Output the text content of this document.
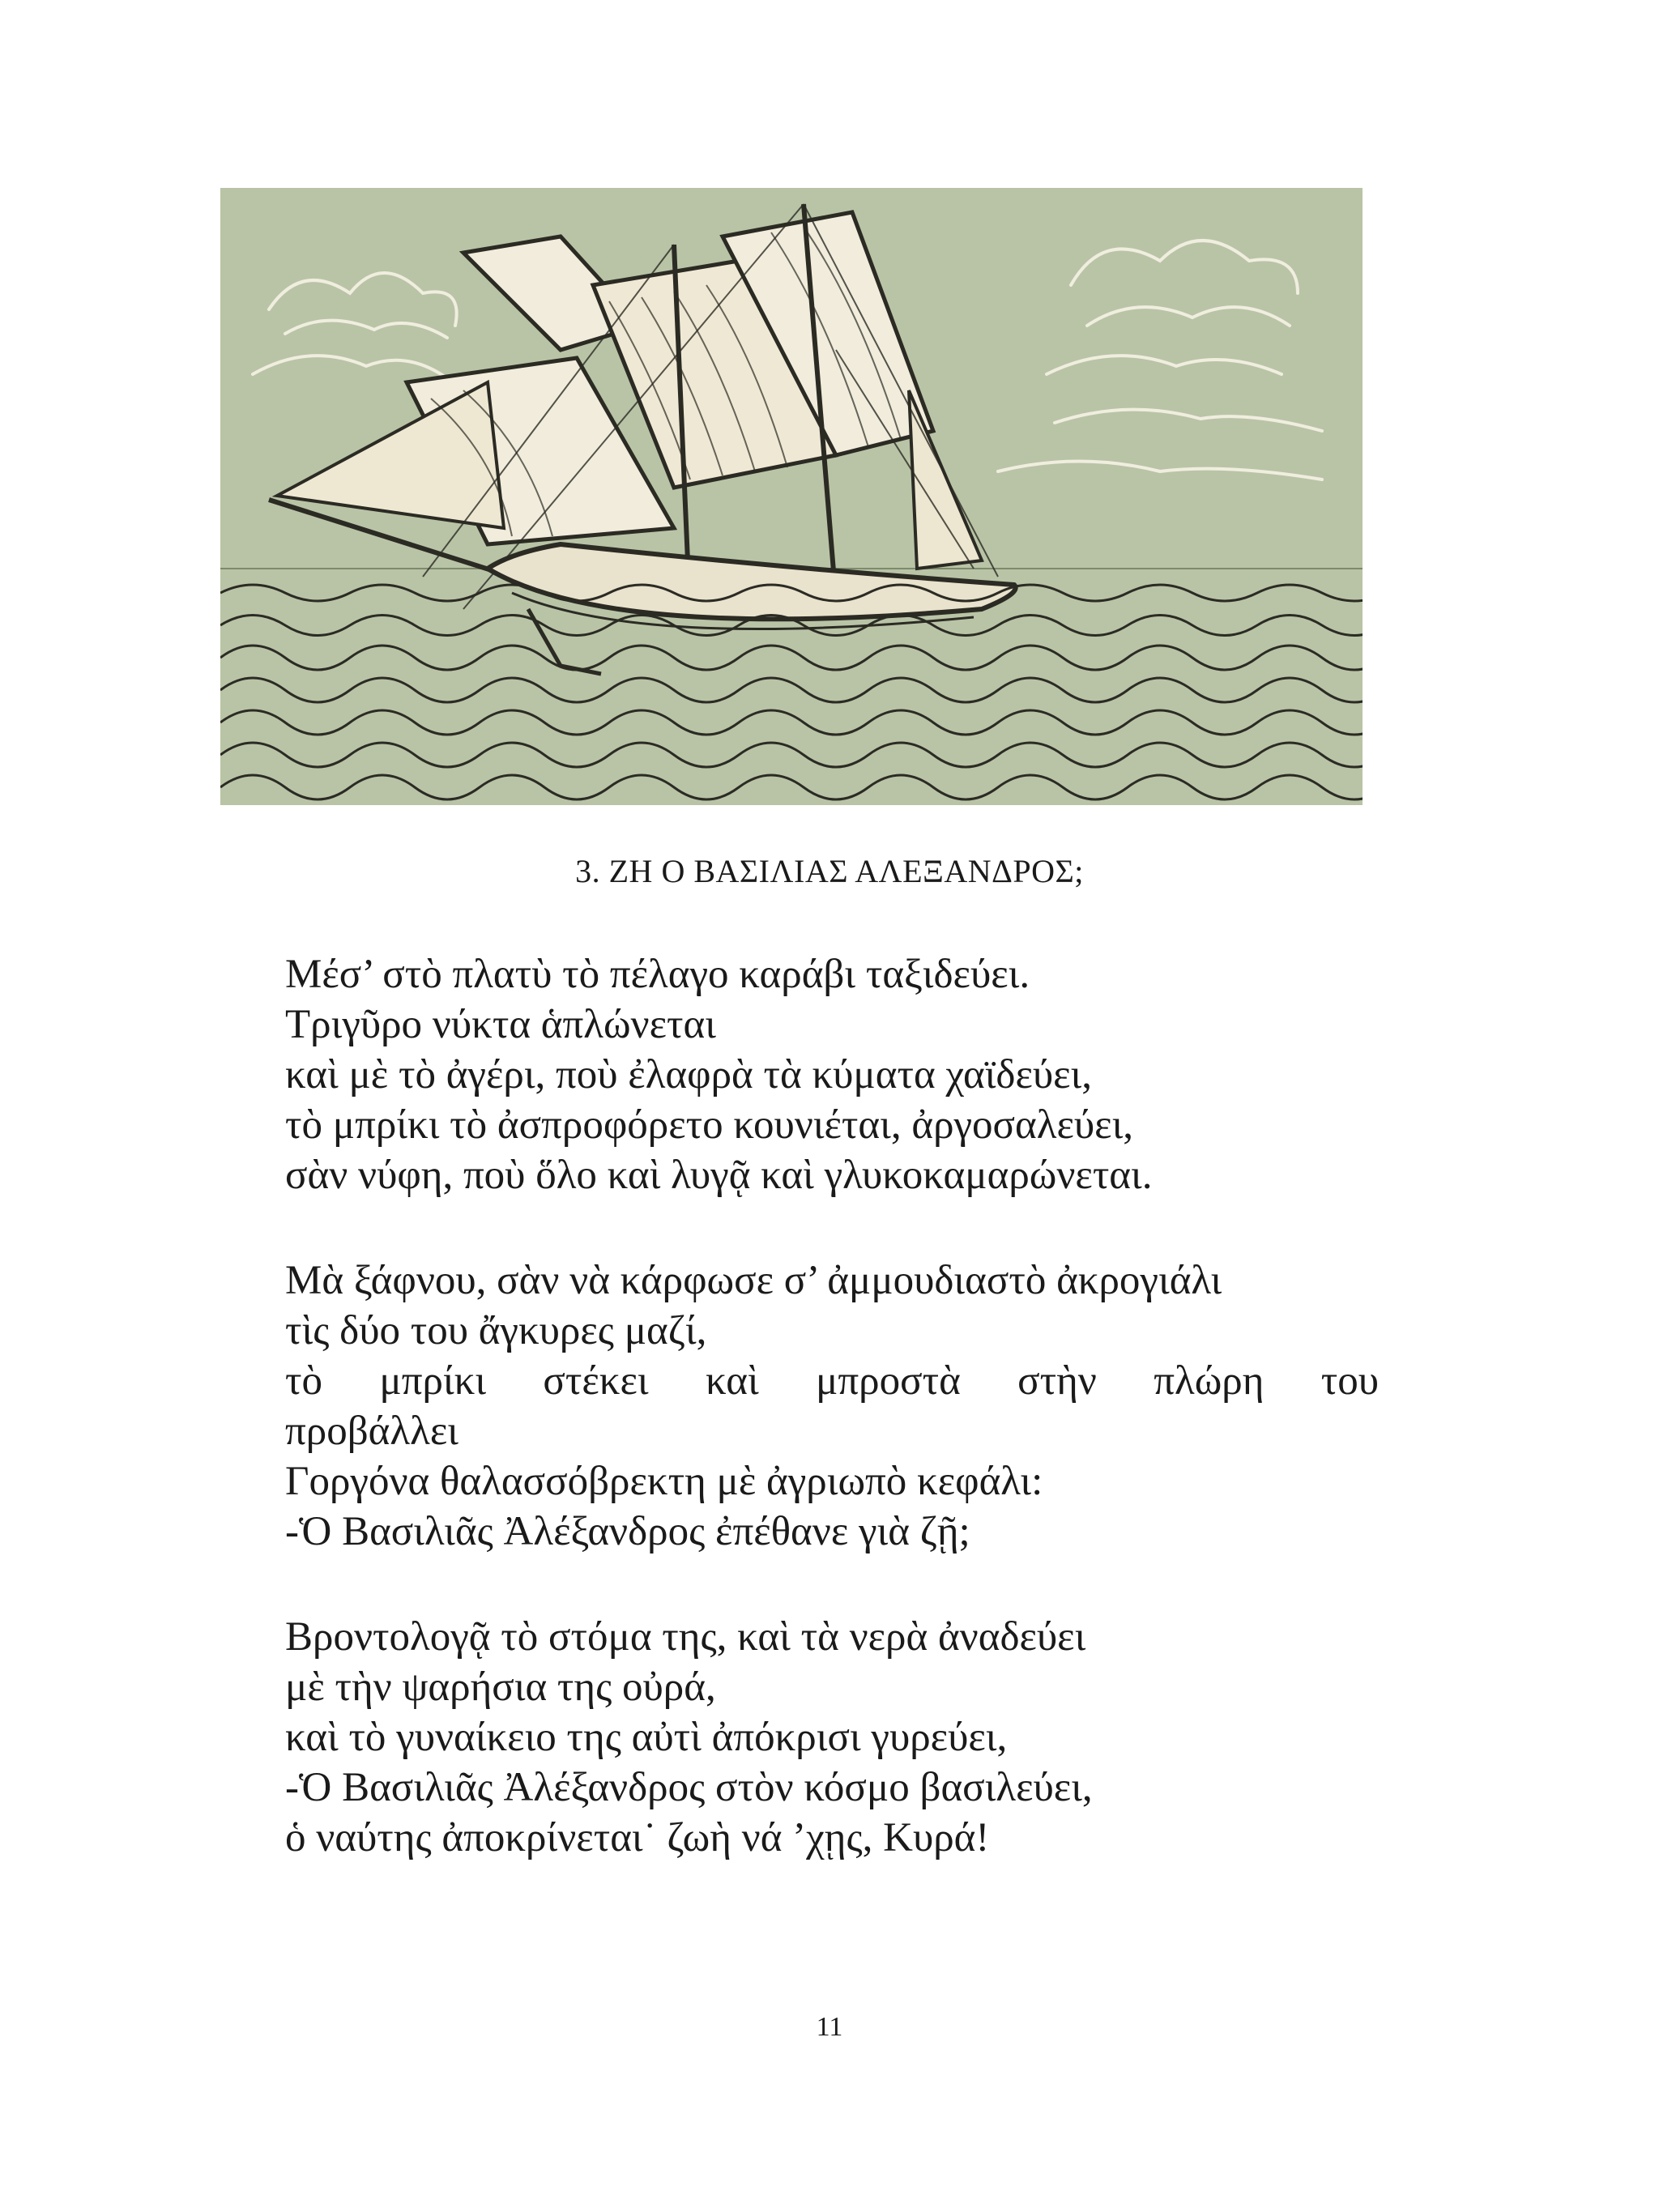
3. ΖΗ Ο ΒΑΣΙΛΙΑΣ ΑΛΕΞΑΝΔΡΟΣ;
Μέσ’ στὸ πλατὺ τὸ πέλαγο καράβι ταξιδεύει.
Τριγῦρο νύκτα ἁπλώνεται
καὶ μὲ τὸ ἀγέρι, ποὺ ἐλαφρὰ τὰ κύματα χαϊδεύει,
τὸ μπρίκι τὸ ἀσπροφόρετο κουνιέται, ἀργοσαλεύει,
σὰν νύφη, ποὺ ὅλο καὶ λυγᾷ καὶ γλυκοκαμαρώνεται.
Μὰ ξάφνου, σὰν νὰ κάρφωσε σ’ ἀμμουδιαστὸ ἀκρογιάλι
τὶς δύο του ἄγκυρες μαζί,
τὸ μπρίκι στέκει καὶ μπροστὰ στὴν πλώρη του
προβάλλει
Γοργόνα θαλασσόβρεκτη μὲ ἀγριωπὸ κεφάλι:
-Ὁ Βασιλιᾶς Ἀλέξανδρος ἐπέθανε γιὰ ζῇ;
Βροντολογᾷ τὸ στόμα της, καὶ τὰ νερὰ ἀναδεύει
μὲ τὴν ψαρήσια της οὐρά,
καὶ τὸ γυναίκειο της αὐτὶ ἀπόκρισι γυρεύει,
-Ὁ Βασιλιᾶς Ἀλέξανδρος στὸν κόσμο βασιλεύει,
ὁ ναύτης ἀποκρίνεται˙ ζωὴ νά ’χῃς, Κυρά!
11
